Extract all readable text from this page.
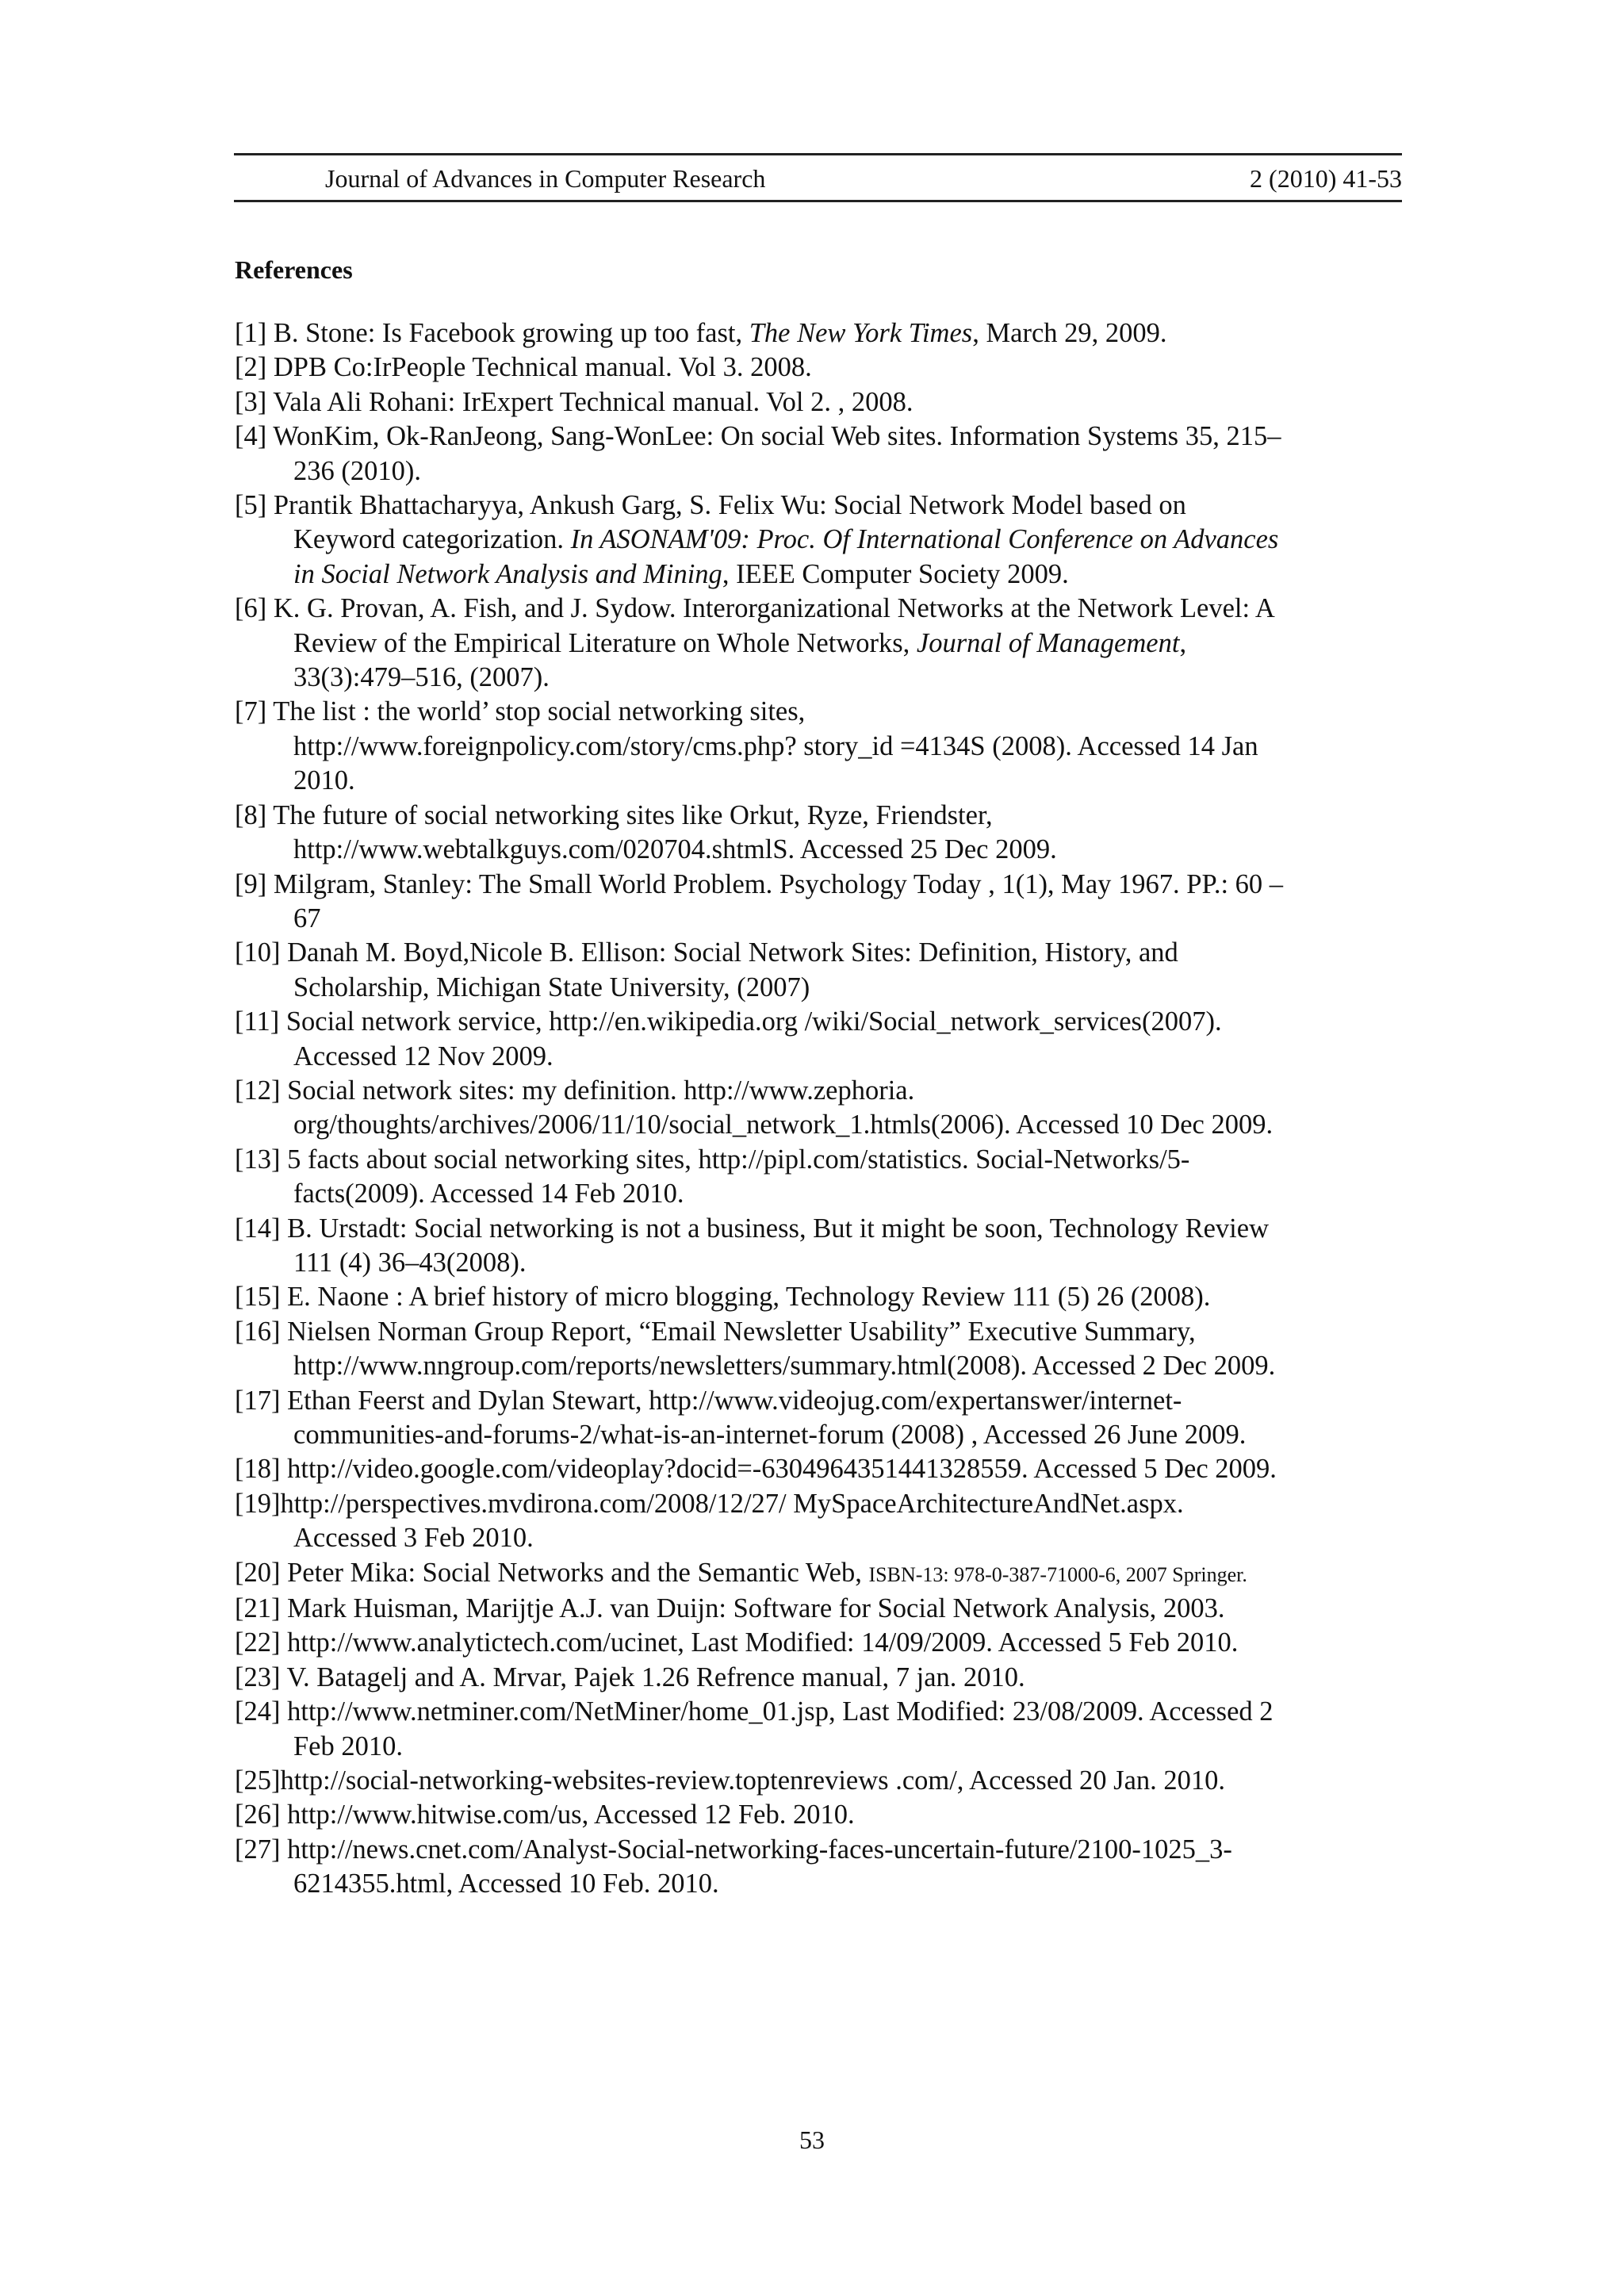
Journal of Advances in Computer Research	2 (2010) 41-53
References
[1] B. Stone: Is Facebook growing up too fast, The New York Times, March 29, 2009.
[2] DPB Co:IrPeople Technical manual. Vol 3. 2008.
[3] Vala Ali Rohani: IrExpert Technical manual. Vol 2. , 2008.
[4] WonKim, Ok-RanJeong, Sang-WonLee: On social Web sites. Information Systems 35, 215–
236 (2010).
[5] Prantik Bhattacharyya, Ankush Garg, S. Felix Wu: Social Network Model based on
Keyword categorization. In ASONAM'09: Proc. Of International Conference on Advances
in Social Network Analysis and Mining, IEEE Computer Society 2009.
[6] K. G. Provan, A. Fish, and J. Sydow. Interorganizational Networks at the Network Level: A
Review of the Empirical Literature on Whole Networks, Journal of Management,
33(3):479–516, (2007).
[7] The list : the world’ stop social networking sites,
http://www.foreignpolicy.com/story/cms.php? story_id =4134S (2008). Accessed 14 Jan
2010.
[8] The future of social networking sites like Orkut, Ryze, Friendster,
http://www.webtalkguys.com/020704.shtmlS. Accessed 25 Dec 2009.
[9] Milgram, Stanley: The Small World Problem. Psychology Today , 1(1), May 1967. PP.: 60 –
67
[10] Danah M. Boyd,Nicole B. Ellison: Social Network Sites: Definition, History, and
Scholarship, Michigan State University, (2007)
[11] Social network service, http://en.wikipedia.org /wiki/Social_network_services(2007).
Accessed 12 Nov 2009.
[12] Social network sites: my definition. http://www.zephoria.
org/thoughts/archives/2006/11/10/social_network_1.htmls(2006). Accessed 10 Dec 2009.
[13] 5 facts about social networking sites, http://pipl.com/statistics. Social-Networks/5-
facts(2009). Accessed 14 Feb 2010.
[14] B. Urstadt: Social networking is not a business, But it might be soon, Technology Review
111 (4) 36–43(2008).
[15] E. Naone : A brief history of micro blogging, Technology Review 111 (5) 26 (2008).
[16] Nielsen Norman Group Report, “Email Newsletter Usability” Executive Summary,
http://www.nngroup.com/reports/newsletters/summary.html(2008). Accessed 2 Dec 2009.
[17] Ethan Feerst and Dylan Stewart, http://www.videojug.com/expertanswer/internet-
communities-and-forums-2/what-is-an-internet-forum (2008) , Accessed 26 June 2009.
[18] http://video.google.com/videoplay?docid=-6304964351441328559. Accessed 5 Dec 2009.
[19]http://perspectives.mvdirona.com/2008/12/27/ MySpaceArchitectureAndNet.aspx.
Accessed 3 Feb 2010.
[20] Peter Mika: Social Networks and the Semantic Web, ISBN-13: 978-0-387-71000-6, 2007 Springer.
[21] Mark Huisman, Marijtje A.J. van Duijn: Software for Social Network Analysis, 2003.
[22] http://www.analytictech.com/ucinet, Last Modified: 14/09/2009. Accessed 5 Feb 2010.
[23] V. Batagelj and A. Mrvar, Pajek 1.26 Refrence manual, 7 jan. 2010.
[24] http://www.netminer.com/NetMiner/home_01.jsp, Last Modified: 23/08/2009. Accessed 2
Feb 2010.
[25]http://social-networking-websites-review.toptenreviews .com/, Accessed 20 Jan. 2010.
[26] http://www.hitwise.com/us, Accessed 12 Feb. 2010.
[27] http://news.cnet.com/Analyst-Social-networking-faces-uncertain-future/2100-1025_3-
6214355.html, Accessed 10 Feb. 2010.
53
